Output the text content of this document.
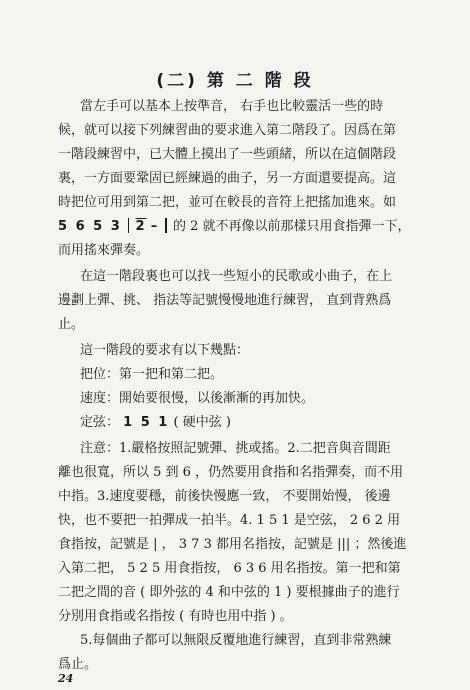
(二) 第 二 階 段
當左手可以基本上按準音， 右手也比較靈活一些的時
候，就可以接下列練習曲的要求進入第二階段了。因爲在第
一階段練習中，已大體上摸出了一些頭緒，所以在這個階段
裏，一方面要鞏固已經練過的曲子，另一方面還要提高。這
時把位可用到第二把，並可在較長的音符上把搖加進來。如
5 6 5 3 2 – 的 2 就不再像以前那樣只用食指彈一下，
而用搖來彈奏。
在這一階段裏也可以找一些短小的民歌或小曲子，在上
邊劃上彈、挑、 指法等記號慢慢地進行練習， 直到背熟爲
止。
這一階段的要求有以下幾點：
把位：第一把和第二把。
速度：開始要很慢，以後漸漸的再加快。
定弦： 1 5 1 ( 硬中弦 )
注意：1.嚴格按照記號彈、挑或搖。2.二把音與音間距
離也很寬，所以 5 到 6 ，仍然要用食指和名指彈奏，而不用
中指。3.速度要穩，前後快慢應一致， 不要開始慢， 後邊
快，也不要把一拍彈成一拍半。4. 1 5 1 是空弦， 2 6 2 用
食指按，記號是 | ， 3 7 3 都用名指按，記號是 ||| ；然後進
入第二把， 5 2 5 用食指按， 6 3 6 用名指按。第一把和第
二把之間的音 ( 即外弦的 4 和中弦的 1 ) 要根據曲子的進行
分別用食指或名指按 ( 有時也用中指 ) 。
5.每個曲子都可以無限反覆地進行練習，直到非常熟練
爲止。
24
